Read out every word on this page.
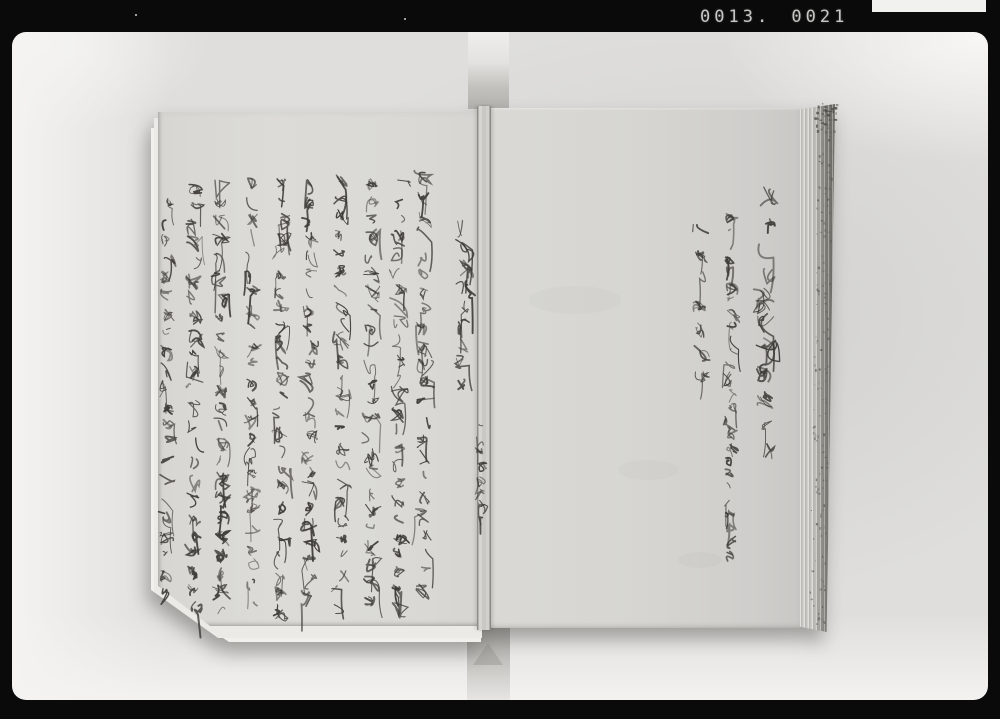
0013. 0021
